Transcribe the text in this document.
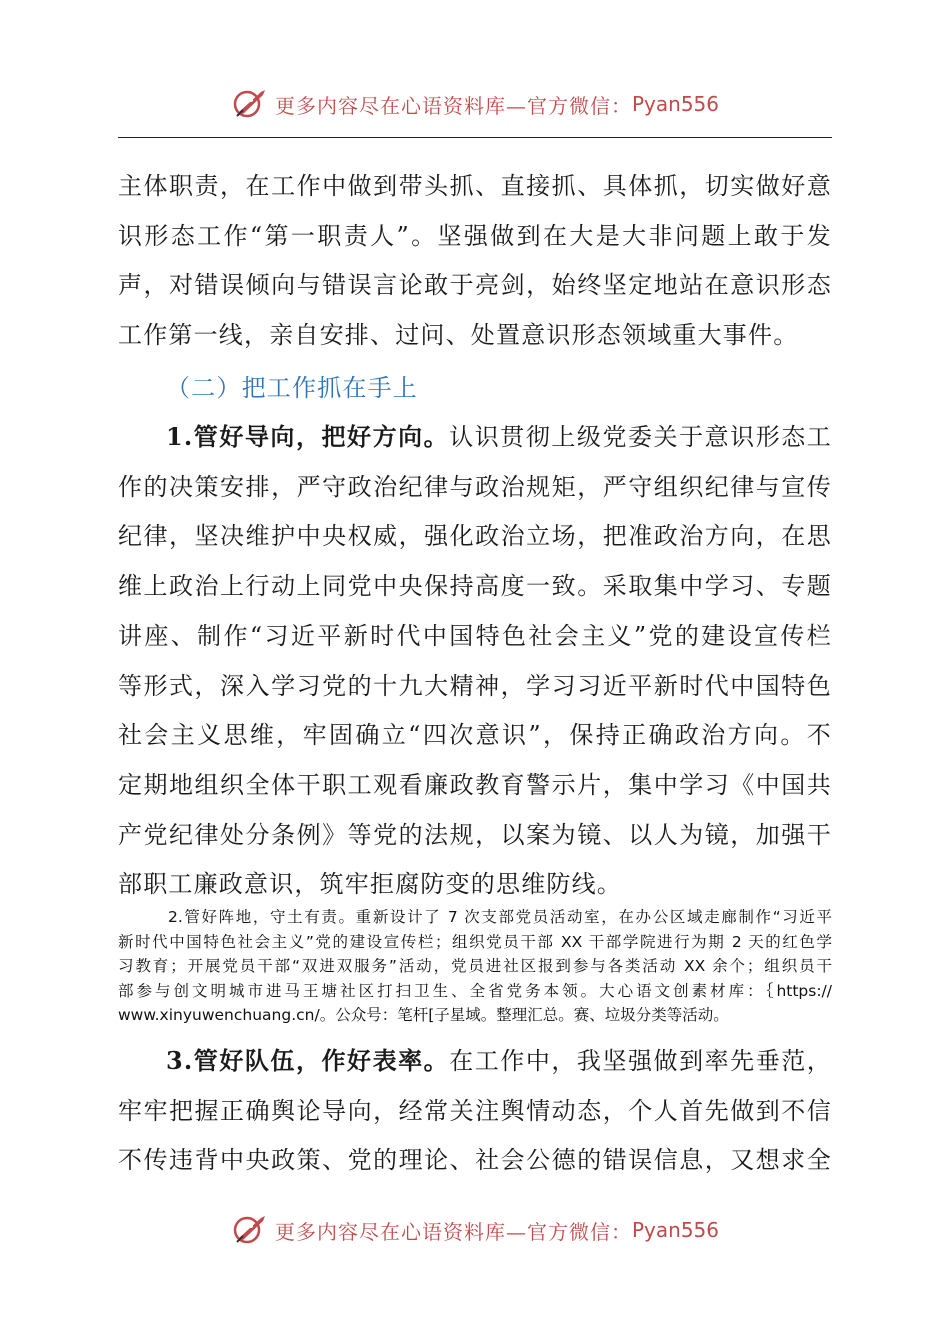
更多内容尽在心语资料库—官方微信： Pyan556
主体职责，在工作中做到带头抓、直接抓、具体抓，切实做好意
识形态工作“第一职责人”。坚强做到在大是大非问题上敢于发
声，对错误倾向与错误言论敢于亮剑，始终坚定地站在意识形态
工作第一线，亲自安排、过问、处置意识形态领域重大事件。
（二）把工作抓在手上
1.管好导向，把好方向。认识贯彻上级党委关于意识形态工
作的决策安排，严守政治纪律与政治规矩，严守组织纪律与宣传
纪律，坚决维护中央权威，强化政治立场，把准政治方向，在思
维上政治上行动上同党中央保持高度一致。采取集中学习、专题
讲座、制作“习近平新时代中国特色社会主义”党的建设宣传栏
等形式，深入学习党的十九大精神，学习习近平新时代中国特色
社会主义思维，牢固确立“四次意识”，保持正确政治方向。不
定期地组织全体干职工观看廉政教育警示片，集中学习《中国共
产党纪律处分条例》等党的法规，以案为镜、以人为镜，加强干
部职工廉政意识，筑牢拒腐防变的思维防线。
2.管好阵地，守土有责。重新设计了 7 次支部党员活动室，在办公区域走廊制作“习近平
新时代中国特色社会主义”党的建设宣传栏；组织党员干部 XX 干部学院进行为期 2 天的红色学
习教育；开展党员干部“双进双服务”活动，党员进社区报到参与各类活动 XX 余个；组织员干
部参与创文明城市进马王塘社区打扫卫生、全省党务本领。大心语文创素材库：｛https://
www.xinyuwenchuang.cn/。公众号：笔杆[子星域。整理汇总。赛、垃圾分类等活动。
3.管好队伍，作好表率。在工作中，我坚强做到率先垂范，
牢牢把握正确舆论导向，经常关注舆情动态，个人首先做到不信
不传违背中央政策、党的理论、社会公德的错误信息，又想求全
更多内容尽在心语资料库—官方微信： Pyan556
